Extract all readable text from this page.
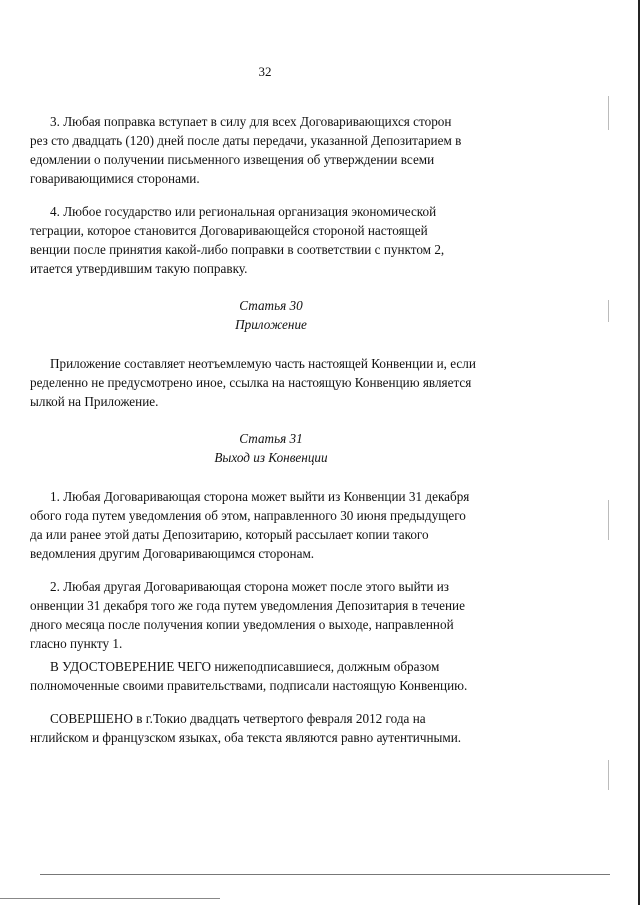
32

3. Любая поправка вступает в силу для всех Договаривающихся сторон
рез сто двадцать (120) дней после даты передачи, указанной Депозитарием в
едомлении о получении письменного извещения об утверждении всеми
говаривающимися сторонами.

4. Любое государство или региональная организация экономической
теграции, которое становится Договаривающейся стороной настоящей
венции после принятия какой-либо поправки в соответствии с пунктом 2,
итается утвердившим такую поправку.

Статья 30
Приложение

Приложение составляет неотъемлемую часть настоящей Конвенции и, если
ределенно не предусмотрено иное, ссылка на настоящую Конвенцию является
ылкой на Приложение.

Статья 31
Выход из Конвенции

1. Любая Договаривающая сторона может выйти из Конвенции 31 декабря
обого года путем уведомления об этом, направленного 30 июня предыдущего
да или ранее этой даты Депозитарию, который рассылает копии такого
ведомления другим Договаривающимся сторонам.

2. Любая другая Договаривающая сторона может после этого выйти из
онвенции 31 декабря того же года путем уведомления Депозитария в течение
дного месяца после получения копии уведомления о выходе, направленной
гласно пункту 1.

В УДОСТОВЕРЕНИЕ ЧЕГО нижеподписавшиеся, должным образом
полномоченные своими правительствами, подписали настоящую Конвенцию.

СОВЕРШЕНО в г.Токио двадцать четвертого февраля 2012 года на
нглийском и французском языках, оба текста являются равно аутентичными.
